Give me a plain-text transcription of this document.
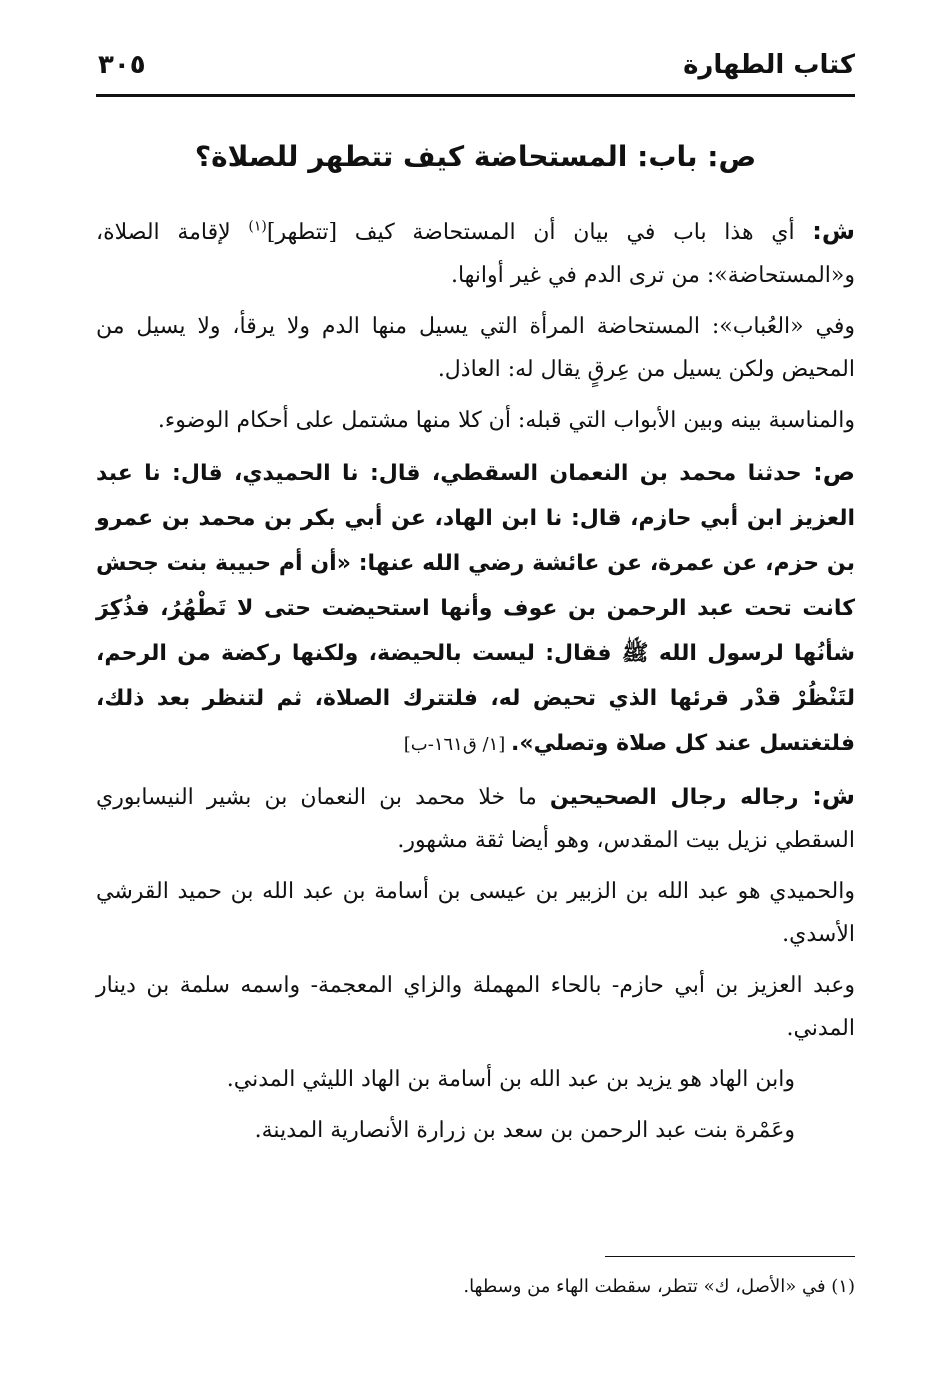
كتاب الطهارة
٣٠٥
ص: باب: المستحاضة كيف تتطهر للصلاة؟

ش: أي هذا باب في بيان أن المستحاضة كيف [تتطهر]$^{(١)}$ لإقامة الصلاة، و«المستحاضة»: من ترى الدم في غير أوانها.

وفي «العُباب»: المستحاضة المرأة التي يسيل منها الدم ولا يرقأ، ولا يسيل من المحيض ولكن يسيل من عِرقٍ يقال له: العاذل.

والمناسبة بينه وبين الأبواب التي قبله: أن كلا منها مشتمل على أحكام الوضوء.

ص: حدثنا محمد بن النعمان السقطي، قال: نا الحميدي، قال: نا عبد العزيز ابن أبي حازم، قال: نا ابن الهاد، عن أبي بكر بن محمد بن عمرو بن حزم، عن عمرة، عن عائشة رضي الله عنها: «أن أم حبيبة بنت جحش كانت تحت عبد الرحمن بن عوف وأنها استحيضت حتى لا تَطْهُرُ، فذُكِرَ شأنُها لرسول الله ﷺ فقال: ليست بالحيضة، ولكنها ركضة من الرحم، لتَنْظُرْ قدْر قرئها الذي تحيض له، فلتترك الصلاة، ثم لتنظر بعد ذلك، فلتغتسل عند كل صلاة وتصلي». [١/ ق١٦١-ب]

ش: رجاله رجال الصحيحين ما خلا محمد بن النعمان بن بشير النيسابوري السقطي نزيل بيت المقدس، وهو أيضا ثقة مشهور.

والحميدي هو عبد الله بن الزبير بن عيسى بن أسامة بن عبد الله بن حميد القرشي الأسدي.

وعبد العزيز بن أبي حازم- بالحاء المهملة والزاي المعجمة- واسمه سلمة بن دينار المدني.

وابن الهاد هو يزيد بن عبد الله بن أسامة بن الهاد الليثي المدني.

وعَمْرة بنت عبد الرحمن بن سعد بن زرارة الأنصارية المدينة.

(١) في «الأصل، ك» تتطر، سقطت الهاء من وسطها.
